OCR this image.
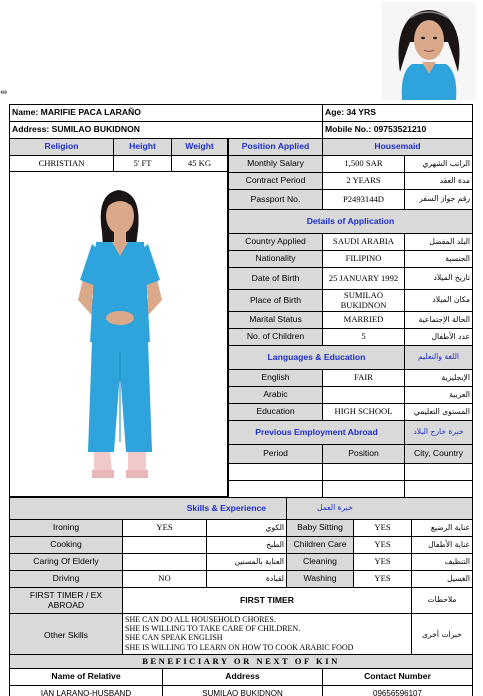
⇹
Name: MARIFIE PACA LARAÑO	Age: 34 YRS
Address: SUMILAO BUKIDNON	Mobile No.: 09753521210
Religion	Height	Weight
CHRISTIAN	5' FT	45 KG
Position Applied	Housemaid	
Monthly Salary	1,500 SAR	الراتب الشهري
Contract Period	2 YEARS	مدة العقد
Passport No.	P2493144D	رقم جواز السفر
Details of Application		
Country Applied	SAUDI ARABIA	البلد المفضل
Nationality	FILIPINO	الجنسية
Date of Birth	25 JANUARY 1992	تاريخ الميلاد
Place of Birth	SUMILAO BUKIDNON	مكان الميلاد
Marital Status	MARRIED	الحالة الإجتماعية
No. of Children	5	عدد الأطفال
Languages & Education		اللغة والتعليم
English	FAIR	الإنجليزية
Arabic		العربية
Education	HIGH SCHOOL	المستوى التعليمي
Previous Employment Abroad		خبرة خارج البلاد
Period	Position	City, Country

Skills & Experience			خبرة العمل		
Ironing	YES	الكوي	Baby Sitting	YES	عناية الرضيع
Cooking		الطبخ	Children Care	YES	عناية الأطفال
Caring Of Elderly		العناية بالمسنين	Cleaning	YES	التنظيف
Driving	NO	لقيادة	Washing	YES	الغسيل
FIRST TIMER / EX ABROAD	FIRST TIMER				ملاحظات
Other Skills	SHE CAN DO ALL HOUSEHOLD CHORES.
SHE IS WILLING TO TAKE CARE OF CHILDREN.
SHE CAN SPEAK ENGLISH
SHE IS WILLING TO LEARN ON HOW TO COOK ARABIC FOOD				خبرات أخرى
BENEFICIARY OR NEXT OF KIN		
Name of Relative	Address	Contact Number
IAN LARANO-HUSBAND	SUMILAO BUKIDNON	09656596107
